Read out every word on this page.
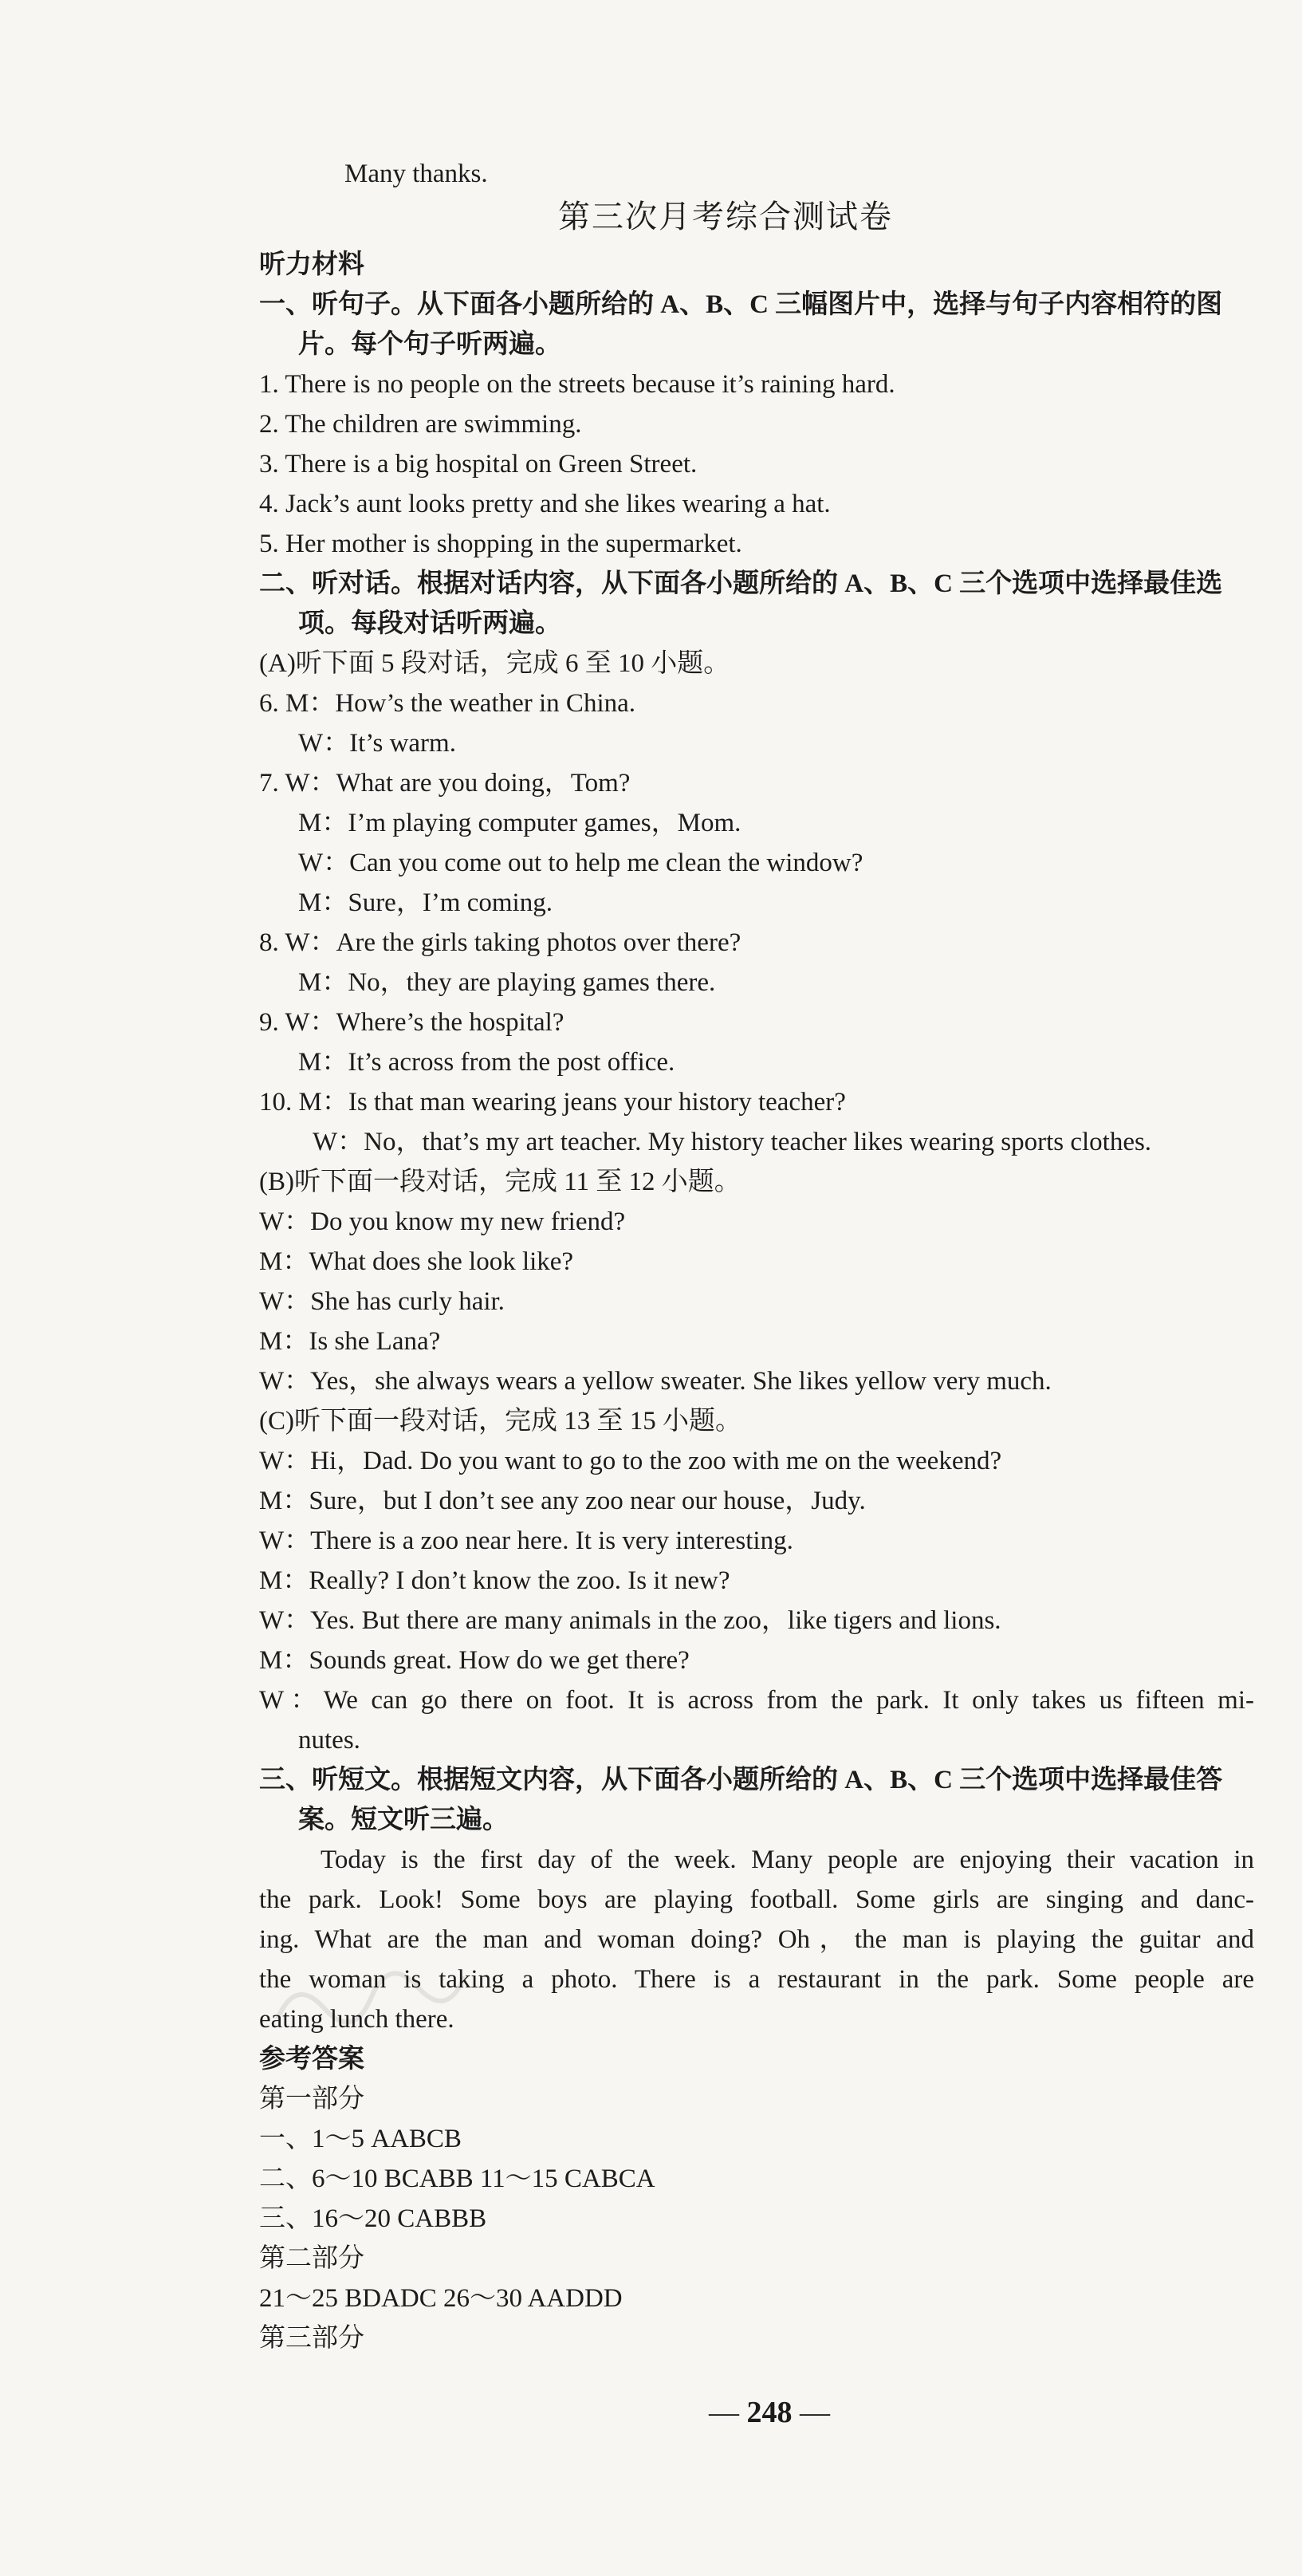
Many thanks.
第三次月考综合测试卷
听力材料
一、听句子。从下面各小题所给的 A、B、C 三幅图片中，选择与句子内容相符的图
片。每个句子听两遍。
1. There is no people on the streets because it’s raining hard.
2. The children are swimming.
3. There is a big hospital on Green Street.
4. Jack’s aunt looks pretty and she likes wearing a hat.
5. Her mother is shopping in the supermarket.
二、听对话。根据对话内容，从下面各小题所给的 A、B、C 三个选项中选择最佳选
项。每段对话听两遍。
(A)听下面 5 段对话，完成 6 至 10 小题。
6. M：How’s the weather in China.
W：It’s warm.
7. W：What are you doing，Tom?
M：I’m playing computer games，Mom.
W：Can you come out to help me clean the window?
M：Sure，I’m coming.
8. W：Are the girls taking photos over there?
M：No，they are playing games there.
9. W：Where’s the hospital?
M：It’s across from the post office.
10. M：Is that man wearing jeans your history teacher?
W：No，that’s my art teacher. My history teacher likes wearing sports clothes.
(B)听下面一段对话，完成 11 至 12 小题。
W：Do you know my new friend?
M：What does she look like?
W：She has curly hair.
M：Is she Lana?
W：Yes，she always wears a yellow sweater. She likes yellow very much.
(C)听下面一段对话，完成 13 至 15 小题。
W：Hi，Dad. Do you want to go to the zoo with me on the weekend?
M：Sure，but I don’t see any zoo near our house，Judy.
W：There is a zoo near here. It is very interesting.
M：Really? I don’t know the zoo. Is it new?
W：Yes. But there are many animals in the zoo，like tigers and lions.
M：Sounds great. How do we get there?
W：We can go there on foot. It is across from the park. It only takes us fifteen mi-
nutes.
三、听短文。根据短文内容，从下面各小题所给的 A、B、C 三个选项中选择最佳答
案。短文听三遍。
Today is the first day of the week. Many people are enjoying their vacation in
the park. Look! Some boys are playing football. Some girls are singing and danc-
ing. What are the man and woman doing? Oh，the man is playing the guitar and
the woman is taking a photo. There is a restaurant in the park. Some people are
eating lunch there.
参考答案
第一部分
一、1～5 AABCB
二、6～10 BCABB 11～15 CABCA
三、16～20 CABBB
第二部分
21～25 BDADC 26～30 AADDD
第三部分
— 248 —
